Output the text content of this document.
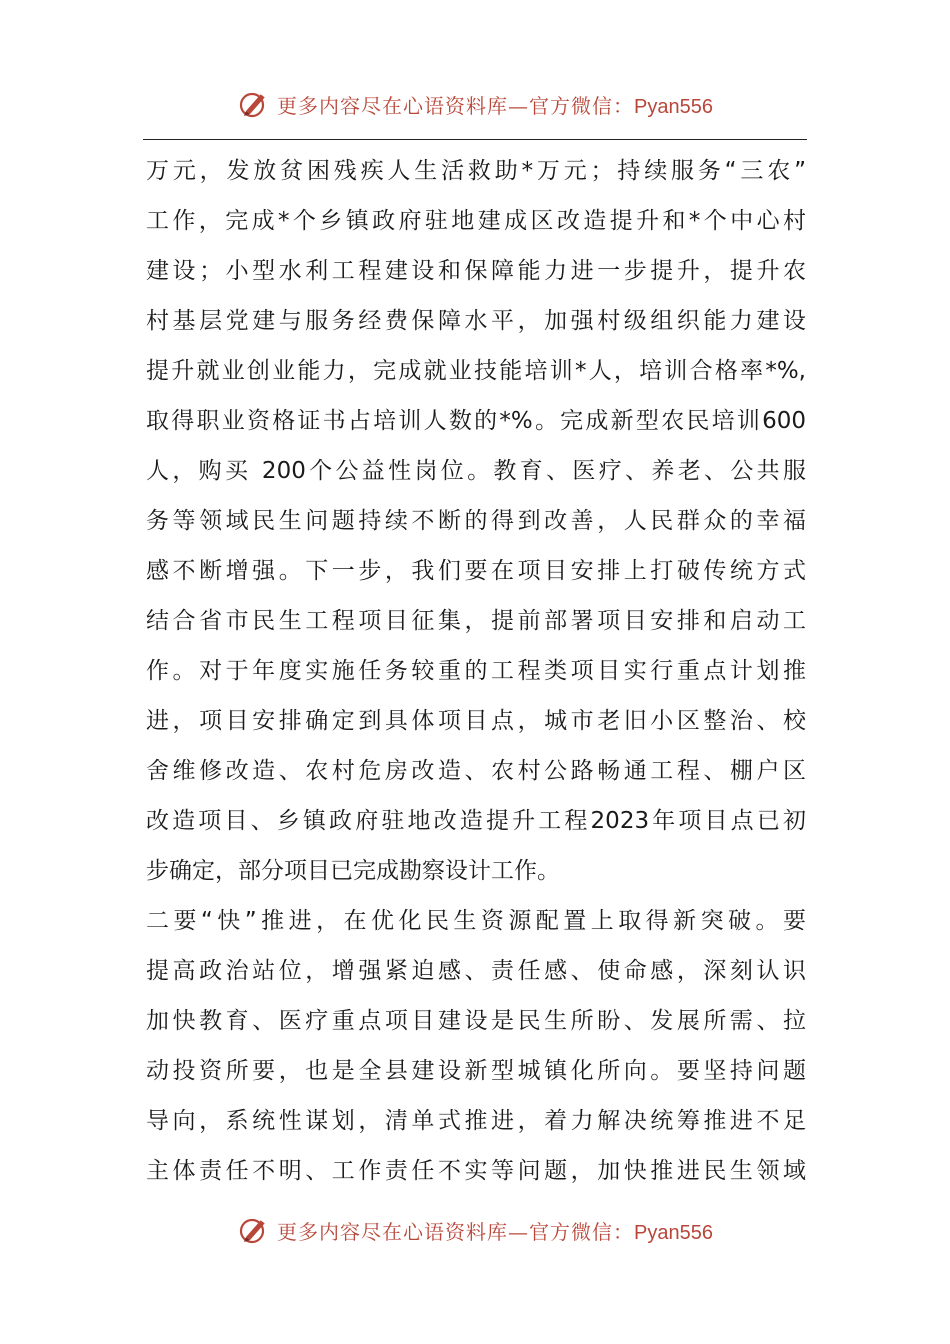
更多内容尽在心语资料库—官方微信：Pyan556
万元，发放贫困残疾人生活救助*万元；持续服务“三农”
工作，完成*个乡镇政府驻地建成区改造提升和*个中心村
建设；小型水利工程建设和保障能力进一步提升，提升农
村基层党建与服务经费保障水平，加强村级组织能力建设
提升就业创业能力，完成就业技能培训*人，培训合格率*%,
取得职业资格证书占培训人数的*%。完成新型农民培训600
人，购买 200个公益性岗位。教育、医疗、养老、公共服
务等领域民生问题持续不断的得到改善，人民群众的幸福
感不断增强。下一步，我们要在项目安排上打破传统方式
结合省市民生工程项目征集，提前部署项目安排和启动工
作。对于年度实施任务较重的工程类项目实行重点计划推
进，项目安排确定到具体项目点，城市老旧小区整治、校
舍维修改造、农村危房改造、农村公路畅通工程、棚户区
改造项目、乡镇政府驻地改造提升工程2023年项目点已初
步确定，部分项目已完成勘察设计工作。
二要“快”推进，在优化民生资源配置上取得新突破。要
提高政治站位，增强紧迫感、责任感、使命感，深刻认识
加快教育、医疗重点项目建设是民生所盼、发展所需、拉
动投资所要，也是全县建设新型城镇化所向。要坚持问题
导向，系统性谋划，清单式推进，着力解决统筹推进不足
主体责任不明、工作责任不实等问题，加快推进民生领域
更多内容尽在心语资料库—官方微信：Pyan556
